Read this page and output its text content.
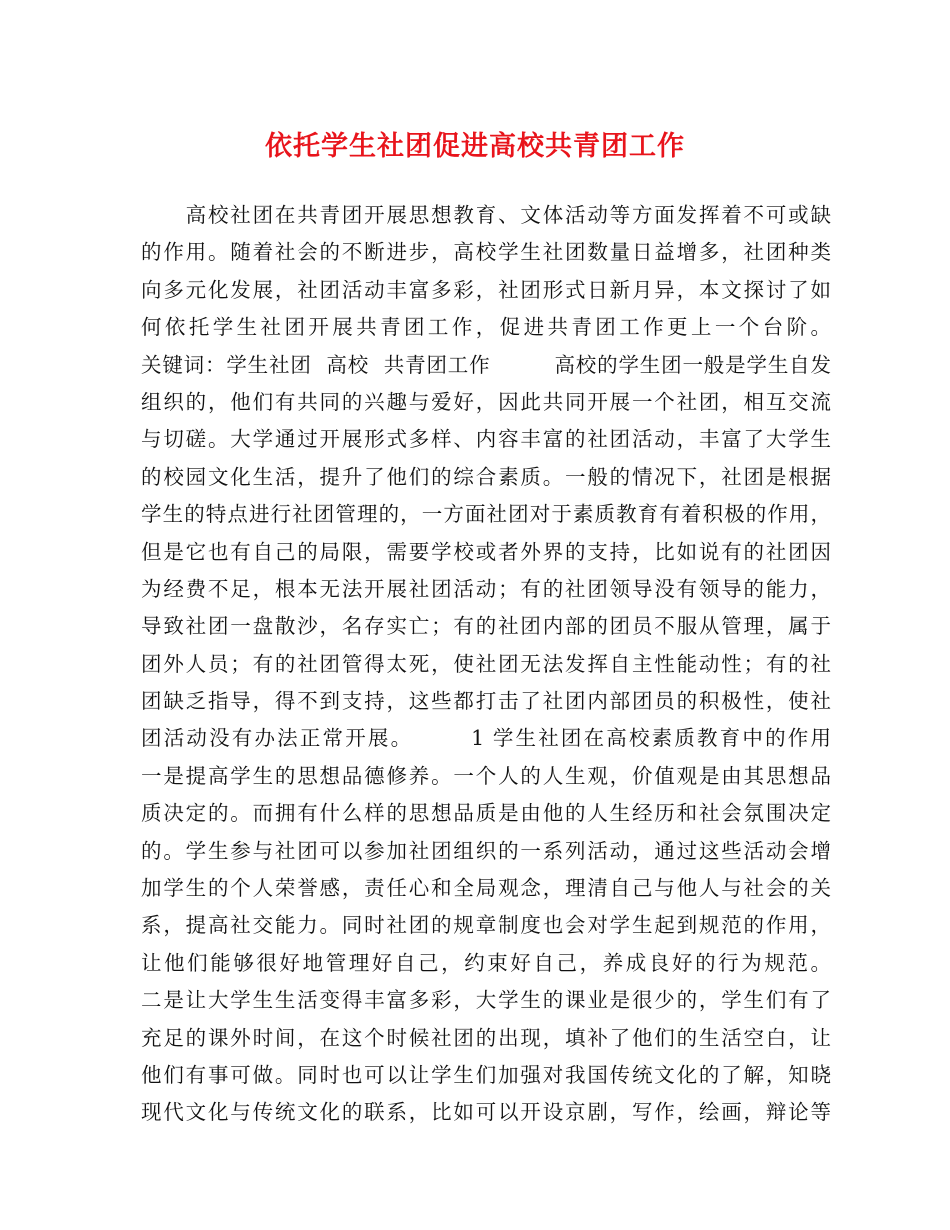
依托学生社团促进高校共青团工作
　　高校社团在共青团开展思想教育、文体活动等方面发挥着不可或缺
的作用。随着社会的不断进步，高校学生社团数量日益增多，社团种类
向多元化发展，社团活动丰富多彩，社团形式日新月异，本文探讨了如
何依托学生社团开展共青团工作，促进共青团工作更上一个台阶。
关键词：学生社团  高校  共青团工作　　　高校的学生团一般是学生自发
组织的，他们有共同的兴趣与爱好，因此共同开展一个社团，相互交流
与切磋。大学通过开展形式多样、内容丰富的社团活动，丰富了大学生
的校园文化生活，提升了他们的综合素质。一般的情况下，社团是根据
学生的特点进行社团管理的，一方面社团对于素质教育有着积极的作用，
但是它也有自己的局限，需要学校或者外界的支持，比如说有的社团因
为经费不足，根本无法开展社团活动；有的社团领导没有领导的能力，
导致社团一盘散沙，名存实亡；有的社团内部的团员不服从管理，属于
团外人员；有的社团管得太死，使社团无法发挥自主性能动性；有的社
团缺乏指导，得不到支持，这些都打击了社团内部团员的积极性，使社
团活动没有办法正常开展。　　　1 学生社团在高校素质教育中的作用
一是提高学生的思想品德修养。一个人的人生观，价值观是由其思想品
质决定的。而拥有什么样的思想品质是由他的人生经历和社会氛围决定
的。学生参与社团可以参加社团组织的一系列活动，通过这些活动会增
加学生的个人荣誉感，责任心和全局观念，理清自己与他人与社会的关
系，提高社交能力。同时社团的规章制度也会对学生起到规范的作用，
让他们能够很好地管理好自己，约束好自己，养成良好的行为规范。
二是让大学生生活变得丰富多彩，大学生的课业是很少的，学生们有了
充足的课外时间，在这个时候社团的出现，填补了他们的生活空白，让
他们有事可做。同时也可以让学生们加强对我国传统文化的了解，知晓
现代文化与传统文化的联系，比如可以开设京剧，写作，绘画，辩论等
